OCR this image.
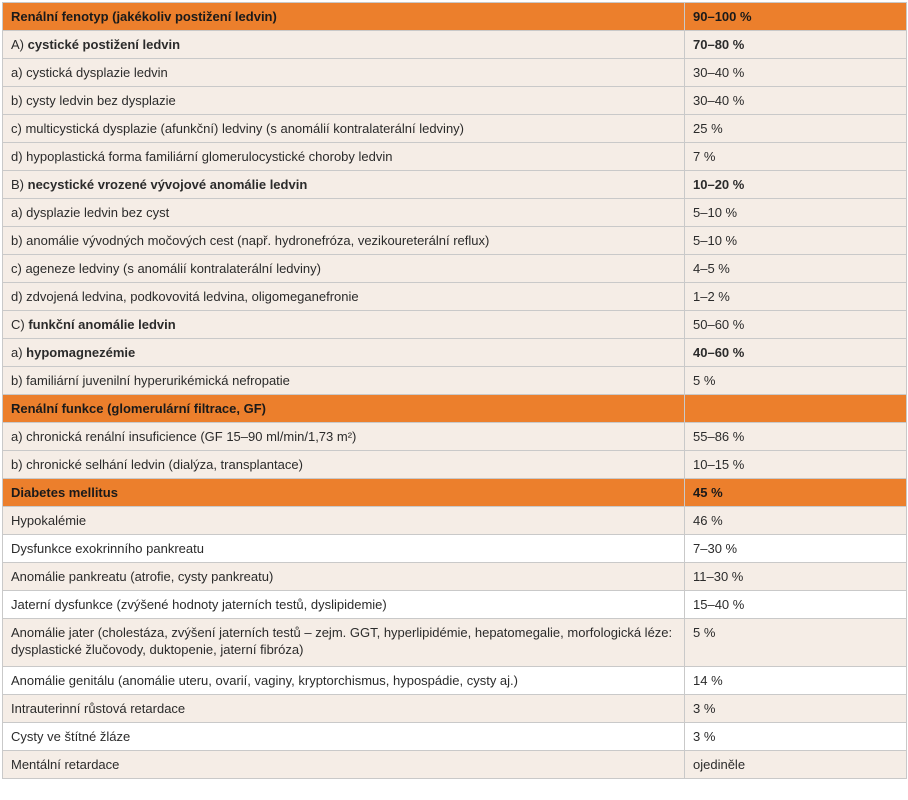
Renální fenotyp (jakékoliv postižení ledvin)	90–100 %
A) cystické postižení ledvin	70–80 %
a) cystická dysplazie ledvin	30–40 %
b) cysty ledvin bez dysplazie	30–40 %
c) multicystická dysplazie (afunkční) ledviny (s anomálií kontralaterální ledviny)	25 %
d) hypoplastická forma familiární glomerulocystické choroby ledvin	7 %
B) necystické vrozené vývojové anomálie ledvin	10–20 %
a) dysplazie ledvin bez cyst	5–10 %
b) anomálie vývodných močových cest (např. hydronefróza, vezikoureterální reflux)	5–10 %
c) ageneze ledviny (s anomálií kontralaterální ledviny)	4–5 %
d) zdvojená ledvina, podkovovitá ledvina, oligomeganefronie	1–2 %
C) funkční anomálie ledvin	50–60 %
a) hypomagnezémie	40–60 %
b) familiární juvenilní hyperurikémická nefropatie	5 %
Renální funkce (glomerulární filtrace, GF)	
a) chronická renální insuficience (GF 15–90 ml/min/1,73 m²)	55–86 %
b) chronické selhání ledvin (dialýza, transplantace)	10–15 %
Diabetes mellitus	45 %
Hypokalémie	46 %
Dysfunkce exokrinního pankreatu	7–30 %
Anomálie pankreatu (atrofie, cysty pankreatu)	11–30 %
Jaterní dysfunkce (zvýšené hodnoty jaterních testů, dyslipidemie)	15–40 %
Anomálie jater (cholestáza, zvýšení jaterních testů – zejm. GGT, hyperlipidémie, hepatomegalie, morfologická léze: dysplastické žlučovody, duktopenie, jaterní fibróza)	5 %
Anomálie genitálu (anomálie uteru, ovarií, vaginy, kryptorchismus, hypospádie, cysty aj.)	14 %
Intrauterinní růstová retardace	3 %
Cysty ve štítné žláze	3 %
Mentální retardace	ojediněle
